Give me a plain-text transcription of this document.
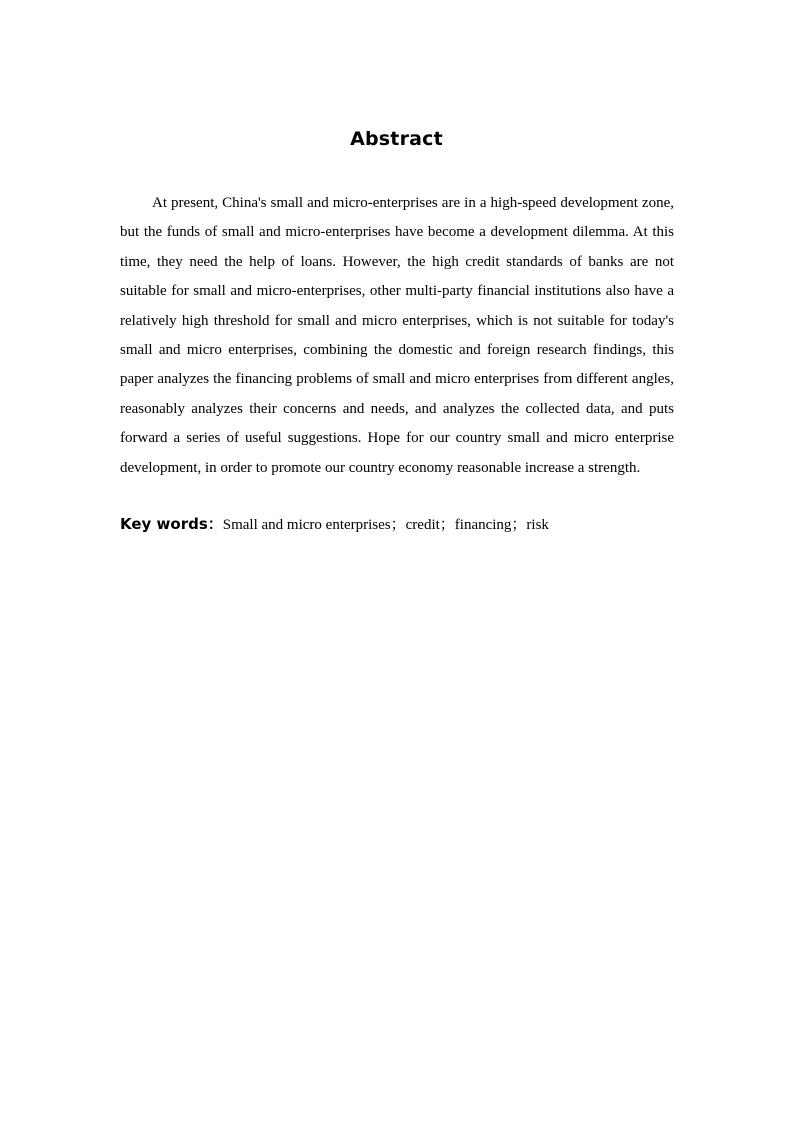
Abstract

At present, China's small and micro-enterprises are in a high-speed development zone, but the funds of small and micro-enterprises have become a development dilemma. At this time, they need the help of loans. However, the high credit standards of banks are not suitable for small and micro-enterprises, other multi-party financial institutions also have a relatively high threshold for small and micro enterprises, which is not suitable for today's small and micro enterprises, combining the domestic and foreign research findings, this paper analyzes the financing problems of small and micro enterprises from different angles, reasonably analyzes their concerns and needs, and analyzes the collected data, and puts forward a series of useful suggestions. Hope for our country small and micro enterprise development, in order to promote our country economy reasonable increase a strength.

Key words：Small and micro enterprises；credit；financing；risk
